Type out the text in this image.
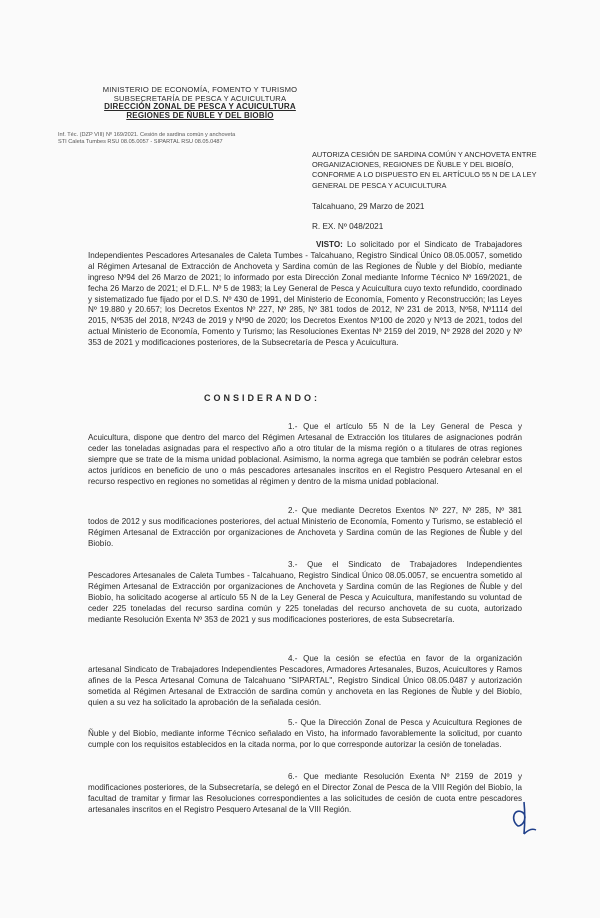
MINISTERIO DE ECONOMÍA, FOMENTO Y TURISMO
SUBSECRETARÍA DE PESCA Y ACUICULTURA
DIRECCIÓN ZONAL DE PESCA Y ACUICULTURA
REGIONES DE ÑUBLE Y DEL BIOBÍO
Inf. Téc. (DZP VIII) Nº 169/2021. Cesión de sardina común y anchoveta
STI Caleta Tumbes RSU 08.05.0057 - SIPARTAL RSU 08.05.0487
AUTORIZA CESIÓN DE SARDINA COMÚN Y ANCHOVETA ENTRE ORGANIZACIONES, REGIONES DE ÑUBLE Y DEL BIOBÍO, CONFORME A LO DISPUESTO EN EL ARTÍCULO 55 N DE LA LEY GENERAL DE PESCA Y ACUICULTURA
Talcahuano, 29 Marzo de 2021
R. EX. Nº 048/2021
VISTO: Lo solicitado por el Sindicato de Trabajadores Independientes Pescadores Artesanales de Caleta Tumbes - Talcahuano, Registro Sindical Único 08.05.0057, sometido al Régimen Artesanal de Extracción de Anchoveta y Sardina común de las Regiones de Ñuble y del Biobío, mediante ingreso Nº94 del 26 Marzo de 2021; lo informado por esta Dirección Zonal mediante Informe Técnico Nº 169/2021, de fecha 26 Marzo de 2021; el D.F.L. Nº 5 de 1983; la Ley General de Pesca y Acuicultura cuyo texto refundido, coordinado y sistematizado fue fijado por el D.S. Nº 430 de 1991, del Ministerio de Economía, Fomento y Reconstrucción; las Leyes Nº 19.880 y 20.657; los Decretos Exentos Nº 227, Nº 285, Nº 381 todos de 2012, Nº 231 de 2013, Nº58, Nº1114 del 2015, Nº535 del 2018, Nº243 de 2019 y Nº90 de 2020; los Decretos Exentos Nº100 de 2020 y Nº13 de 2021, todos del actual Ministerio de Economía, Fomento y Turismo; las Resoluciones Exentas Nº 2159 del 2019, Nº 2928 del 2020 y Nº 353 de 2021 y modificaciones posteriores, de la Subsecretaría de Pesca y Acuicultura.
CONSIDERANDO:
1.- Que el artículo 55 N de la Ley General de Pesca y Acuicultura, dispone que dentro del marco del Régimen Artesanal de Extracción los titulares de asignaciones podrán ceder las toneladas asignadas para el respectivo año a otro titular de la misma región o a titulares de otras regiones siempre que se trate de la misma unidad poblacional. Asimismo, la norma agrega que también se podrán celebrar estos actos jurídicos en beneficio de uno o más pescadores artesanales inscritos en el Registro Pesquero Artesanal en el recurso respectivo en regiones no sometidas al régimen y dentro de la misma unidad poblacional.
2.- Que mediante Decretos Exentos Nº 227, Nº 285, Nº 381 todos de 2012 y sus modificaciones posteriores, del actual Ministerio de Economía, Fomento y Turismo, se estableció el Régimen Artesanal de Extracción por organizaciones de Anchoveta y Sardina común de las Regiones de Ñuble y del Biobío.
3.- Que el Sindicato de Trabajadores Independientes Pescadores Artesanales de Caleta Tumbes - Talcahuano, Registro Sindical Único 08.05.0057, se encuentra sometido al Régimen Artesanal de Extracción por organizaciones de Anchoveta y Sardina común de las Regiones de Ñuble y del Biobío, ha solicitado acogerse al artículo 55 N de la Ley General de Pesca y Acuicultura, manifestando su voluntad de ceder 225 toneladas del recurso sardina común y 225 toneladas del recurso anchoveta de su cuota, autorizado mediante Resolución Exenta Nº 353 de 2021 y sus modificaciones posteriores, de esta Subsecretaría.
4.- Que la cesión se efectúa en favor de la organización artesanal Sindicato de Trabajadores Independientes Pescadores, Armadores Artesanales, Buzos, Acuicultores y Ramos afines de la Pesca Artesanal Comuna de Talcahuano "SIPARTAL", Registro Sindical Único 08.05.0487 y autorización sometida al Régimen Artesanal de Extracción de sardina común y anchoveta en las Regiones de Ñuble y del Biobío, quien a su vez ha solicitado la aprobación de la señalada cesión.
5.- Que la Dirección Zonal de Pesca y Acuicultura Regiones de Ñuble y del Biobío, mediante informe Técnico señalado en Visto, ha informado favorablemente la solicitud, por cuanto cumple con los requisitos establecidos en la citada norma, por lo que corresponde autorizar la cesión de toneladas.
6.- Que mediante Resolución Exenta Nº 2159 de 2019 y modificaciones posteriores, de la Subsecretaría, se delegó en el Director Zonal de Pesca de la VIII Región del Biobío, la facultad de tramitar y firmar las Resoluciones correspondientes a las solicitudes de cesión de cuota entre pescadores artesanales inscritos en el Registro Pesquero Artesanal de la VIII Región.
